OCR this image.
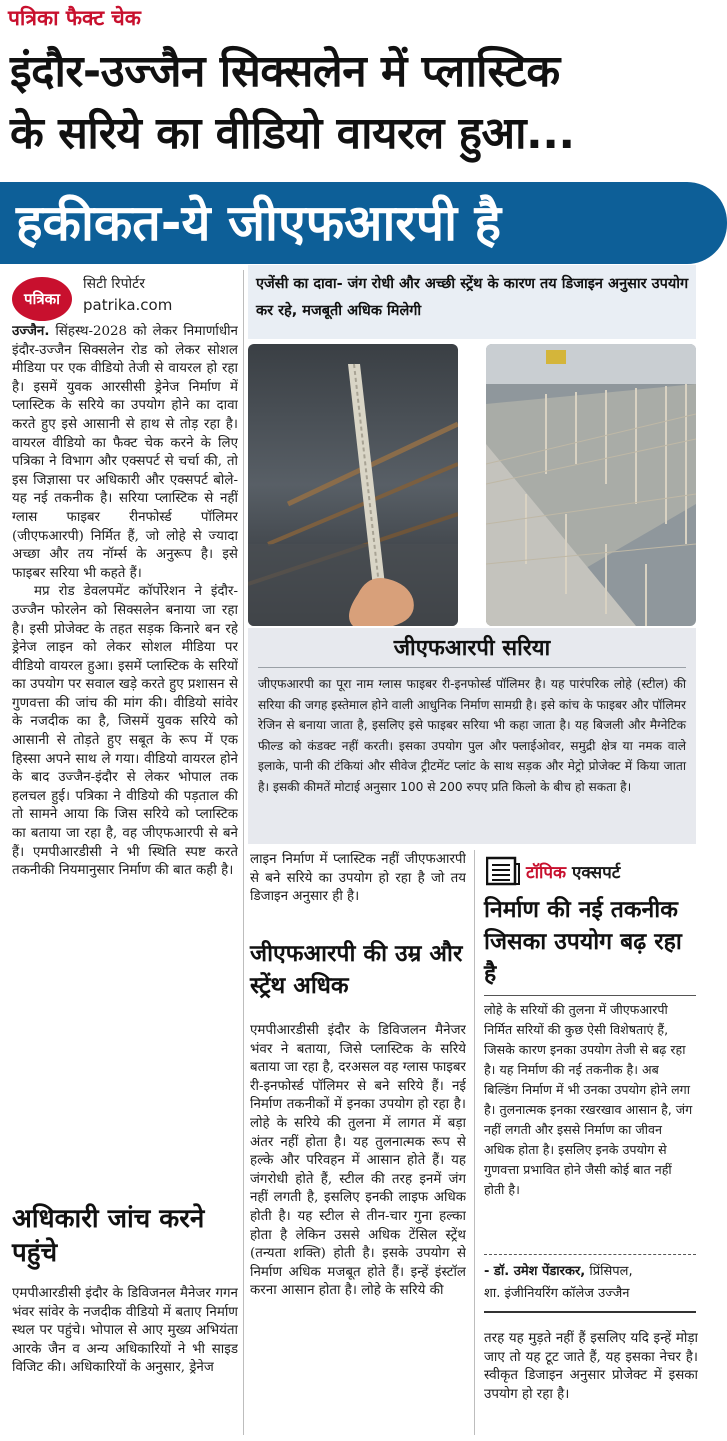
पत्रिका फैक्ट चेक
इंदौर-उज्जैन सिक्सलेन में प्लास्टिक
के सरिये का वीडियो वायरल हुआ...
हकीकत-ये जीएफआरपी है
पत्रिका
सिटी रिपोर्टर
patrika.com

उज्जैन. सिंहस्थ-2028 को लेकर निमार्णाधीन इंदौर-उज्जैन सिक्सलेन रोड को लेकर सोशल मीडिया पर एक वीडियो तेजी से वायरल हो रहा है। इसमें युवक आरसीसी ड्रेनेज निर्माण में प्लास्टिक के सरिये का उपयोग होने का दावा करते हुए इसे आसानी से हाथ से तोड़ रहा है। वायरल वीडियो का फैक्ट चेक करने के लिए पत्रिका ने विभाग और एक्सपर्ट से चर्चा की, तो इस जिज्ञासा पर अधिकारी और एक्सपर्ट बोले- यह नई तकनीक है। सरिया प्लास्टिक से नहीं ग्लास फाइबर रीनफोर्स्ड पॉलिमर (जीएफआरपी) निर्मित हैं, जो लोहे से ज्यादा अच्छा और तय नॉर्म्स के अनुरूप है। इसे फाइबर सरिया भी कहते हैं।

मप्र रोड डेवलपमेंट कॉर्पोरेशन ने इंदौर-उज्जैन फोरलेन को सिक्सलेन बनाया जा रहा है। इसी प्रोजेक्ट के तहत सड़क किनारे बन रहे ड्रेनेज लाइन को लेकर सोशल मीडिया पर वीडियो वायरल हुआ। इसमें प्लास्टिक के सरियों का उपयोग पर सवाल खड़े करते हुए प्रशासन से गुणवत्ता की जांच की मांग की। वीडियो सांवेर के नजदीक का है, जिसमें युवक सरिये को आसानी से तोड़ते हुए सबूत के रूप में एक हिस्सा अपने साथ ले गया। वीडियो वायरल होने के बाद उज्जैन-इंदौर से लेकर भोपाल तक हलचल हुई। पत्रिका ने वीडियो की पड़ताल की तो सामने आया कि जिस सरिये को प्लास्टिक का बताया जा रहा है, वह जीएफआरपी से बने हैं। एमपीआरडीसी ने भी स्थिति स्पष्ट करते तकनीकी नियमानुसार निर्माण की बात कही है।

अधिकारी जांच करने पहुंचे

एमपीआरडीसी इंदौर के डिविजनल मैनेजर गगन भंवर सांवेर के नजदीक वीडियो में बताए निर्माण स्थल पर पहुंचे। भोपाल से आए मुख्य अभियंता आरके जैन व अन्य अधिकारियों ने भी साइड विजिट की। अधिकारियों के अनुसार, ड्रेनेज

एजेंसी का दावा- जंग रोधी और अच्छी स्ट्रेंथ के कारण तय डिजाइन अनुसार उपयोग कर रहे, मजबूती अधिक मिलेगी
जीएफआरपी सरिया
जीएफआरपी का पूरा नाम ग्लास फाइबर री-इनफोर्स्ड पॉलिमर है। यह पारंपरिक लोहे (स्टील) की सरिया की जगह इस्तेमाल होने वाली आधुनिक निर्माण सामग्री है। इसे कांच के फाइबर और पॉलिमर रेजिन से बनाया जाता है, इसलिए इसे फाइबर सरिया भी कहा जाता है। यह बिजली और मैग्नेटिक फील्ड को कंडक्ट नहीं करती। इसका उपयोग पुल और फ्लाईओवर, समुद्री क्षेत्र या नमक वाले इलाके, पानी की टंकियां और सीवेज ट्रीटमेंट प्लांट के साथ सड़क और मेट्रो प्रोजेक्ट में किया जाता है। इसकी कीमतें मोटाई अनुसार 100 से 200 रुपए प्रति किलो के बीच हो सकता है।

लाइन निर्माण में प्लास्टिक नहीं जीएफआरपी से बने सरिये का उपयोग हो रहा है जो तय डिजाइन अनुसार ही है।

जीएफआरपी की उम्र और स्ट्रेंथ अधिक

एमपीआरडीसी इंदौर के डिविजलन मैनेजर भंवर ने बताया, जिसे प्लास्टिक के सरिये बताया जा रहा है, दरअसल वह ग्लास फाइबर री-इनफोर्स्ड पॉलिमर से बने सरिये हैं। नई निर्माण तकनीकों में इनका उपयोग हो रहा है। लोहे के सरिये की तुलना में लागत में बड़ा अंतर नहीं होता है। यह तुलनात्मक रूप से हल्के और परिवहन में आसान होते हैं। यह जंगरोधी होते हैं, स्टील की तरह इनमें जंग नहीं लगती है, इसलिए इनकी लाइफ अधिक होती है। यह स्टील से तीन-चार गुना हल्का होता है लेकिन उससे अधिक टेंसिल स्ट्रेंथ (तन्यता शक्ति) होती है। इसके उपयोग से निर्माण अधिक मजबूत होते हैं। इन्हें इंस्टॉल करना आसान होता है। लोहे के सरिये की

टॉपिक एक्सपर्ट
निर्माण की नई तकनीक जिसका उपयोग बढ़ रहा है
लोहे के सरियों की तुलना में जीएफआरपी निर्मित सरियों की कुछ ऐसी विशेषताएं हैं, जिसके कारण इनका उपयोग तेजी से बढ़ रहा है। यह निर्माण की नई तकनीक है। अब बिल्डिंग निर्माण में भी उनका उपयोग होने लगा है। तुलनात्मक इनका रखरखाव आसान है, जंग नहीं लगती और इससे निर्माण का जीवन अधिक होता है। इसलिए इनके उपयोग से गुणवत्ता प्रभावित होने जैसी कोई बात नहीं होती है।
- डॉ. उमेश पेंडारकर, प्रिंसिपल,
शा. इंजीनियरिंग कॉलेज उज्जैन

तरह यह मुड़ते नहीं हैं इसलिए यदि इन्हें मोड़ा जाए तो यह टूट जाते हैं, यह इसका नेचर है। स्वीकृत डिजाइन अनुसार प्रोजेक्ट में इसका उपयोग हो रहा है।
